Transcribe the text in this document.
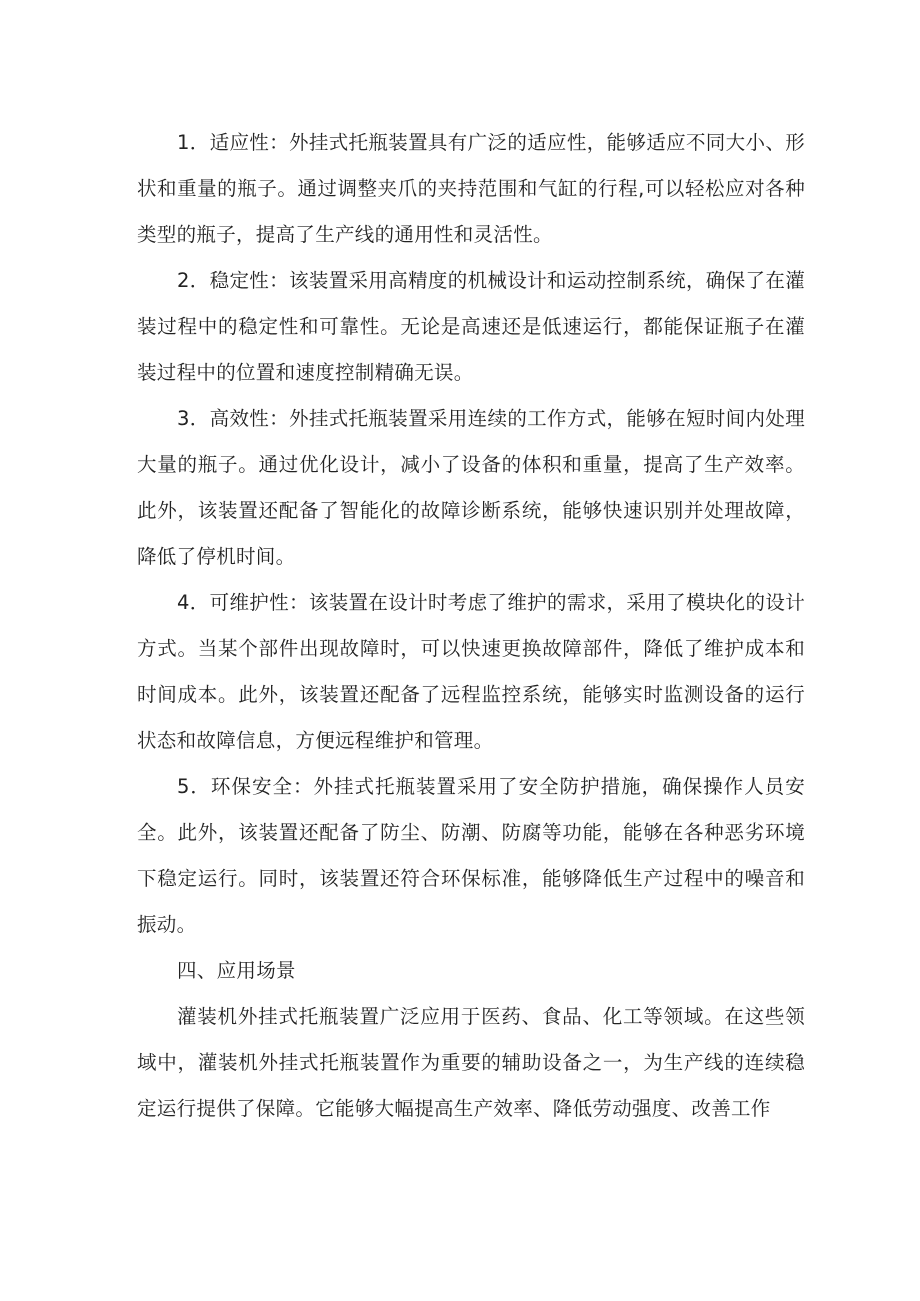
1．适应性：外挂式托瓶装置具有广泛的适应性，能够适应不同大小、形状和重量的瓶子。通过调整夹爪的夹持范围和气缸的行程,可以轻松应对各种类型的瓶子，提高了生产线的通用性和灵活性。

2．稳定性：该装置采用高精度的机械设计和运动控制系统，确保了在灌装过程中的稳定性和可靠性。无论是高速还是低速运行，都能保证瓶子在灌装过程中的位置和速度控制精确无误。

3．高效性：外挂式托瓶装置采用连续的工作方式，能够在短时间内处理大量的瓶子。通过优化设计，减小了设备的体积和重量，提高了生产效率。此外，该装置还配备了智能化的故障诊断系统，能够快速识别并处理故障，降低了停机时间。

4．可维护性：该装置在设计时考虑了维护的需求，采用了模块化的设计方式。当某个部件出现故障时，可以快速更换故障部件，降低了维护成本和时间成本。此外，该装置还配备了远程监控系统，能够实时监测设备的运行状态和故障信息，方便远程维护和管理。

5．环保安全：外挂式托瓶装置采用了安全防护措施，确保操作人员安全。此外，该装置还配备了防尘、防潮、防腐等功能，能够在各种恶劣环境下稳定运行。同时，该装置还符合环保标准，能够降低生产过程中的噪音和振动。

四、应用场景

灌装机外挂式托瓶装置广泛应用于医药、食品、化工等领域。在这些领域中，灌装机外挂式托瓶装置作为重要的辅助设备之一，为生产线的连续稳定运行提供了保障。它能够大幅提高生产效率、降低劳动强度、改善工作
